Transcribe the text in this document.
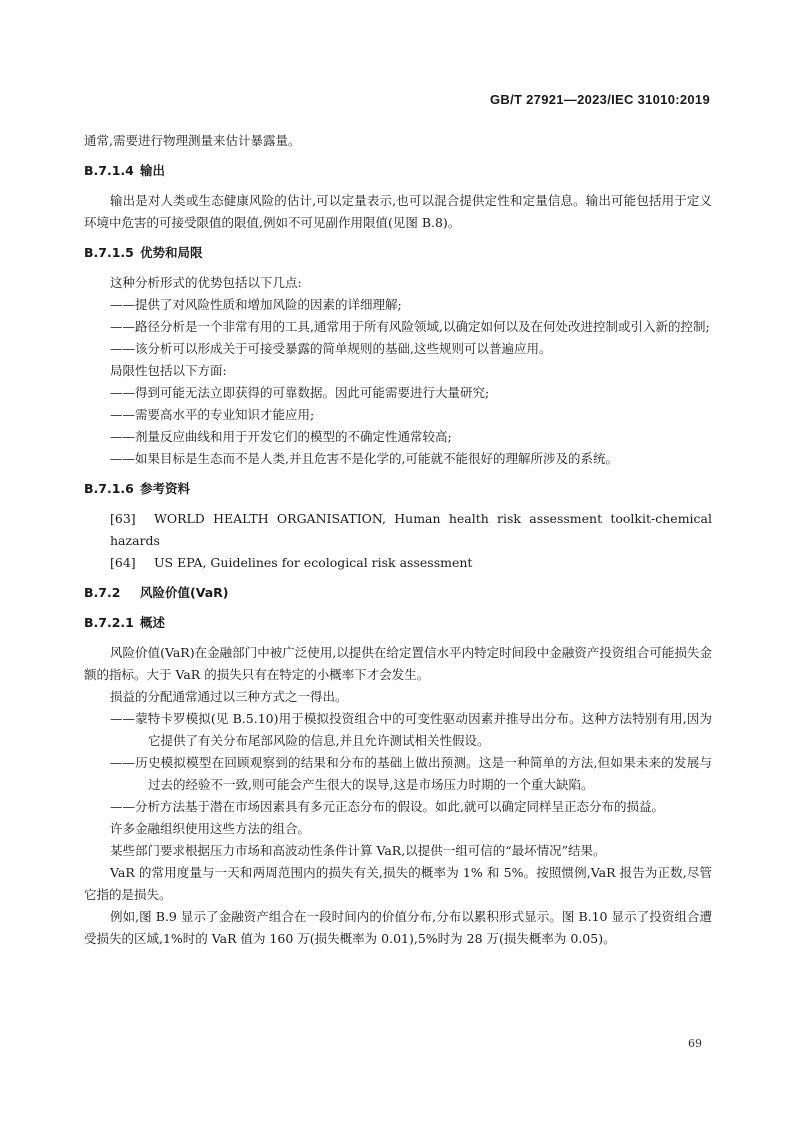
GB/T 27921—2023/IEC 31010:2019

通常,需要进行物理测量来估计暴露量。

B.7.1.4 输出

输出是对人类或生态健康风险的估计,可以定量表示,也可以混合提供定性和定量信息。输出可能包括用于定义环境中危害的可接受限值的限值,例如不可见副作用限值(见图 B.8)。

B.7.1.5 优势和局限

这种分析形式的优势包括以下几点:

——提供了对风险性质和增加风险的因素的详细理解;

——路径分析是一个非常有用的工具,通常用于所有风险领域,以确定如何以及在何处改进控制或引入新的控制;

——该分析可以形成关于可接受暴露的简单规则的基础,这些规则可以普遍应用。

局限性包括以下方面:

——得到可能无法立即获得的可靠数据。因此可能需要进行大量研究;

——需要高水平的专业知识才能应用;

——剂量反应曲线和用于开发它们的模型的不确定性通常较高;

——如果目标是生态而不是人类,并且危害不是化学的,可能就不能很好的理解所涉及的系统。

B.7.1.6 参考资料

[63] WORLD HEALTH ORGANISATION, Human health risk assessment toolkit-chemical hazards

[64] US EPA, Guidelines for ecological risk assessment

B.7.2 风险价值(VaR)
B.7.2.1 概述

风险价值(VaR)在金融部门中被广泛使用,以提供在给定置信水平内特定时间段中金融资产投资组合可能损失金额的指标。大于 VaR 的损失只有在特定的小概率下才会发生。

损益的分配通常通过以三种方式之一得出。

——蒙特卡罗模拟(见 B.5.10)用于模拟投资组合中的可变性驱动因素并推导出分布。这种方法特别有用,因为它提供了有关分布尾部风险的信息,并且允许测试相关性假设。

——历史模拟模型在回顾观察到的结果和分布的基础上做出预测。这是一种简单的方法,但如果未来的发展与过去的经验不一致,则可能会产生很大的误导,这是市场压力时期的一个重大缺陷。

——分析方法基于潜在市场因素具有多元正态分布的假设。如此,就可以确定同样呈正态分布的损益。

许多金融组织使用这些方法的组合。

某些部门要求根据压力市场和高波动性条件计算 VaR,以提供一组可信的“最坏情况”结果。

VaR 的常用度量与一天和两周范围内的损失有关,损失的概率为 1% 和 5%。按照惯例,VaR 报告为正数,尽管它指的是损失。

例如,图 B.9 显示了金融资产组合在一段时间内的价值分布,分布以累积形式显示。图 B.10 显示了投资组合遭受损失的区域,1%时的 VaR 值为 160 万(损失概率为 0.01),5%时为 28 万(损失概率为 0.05)。

69
